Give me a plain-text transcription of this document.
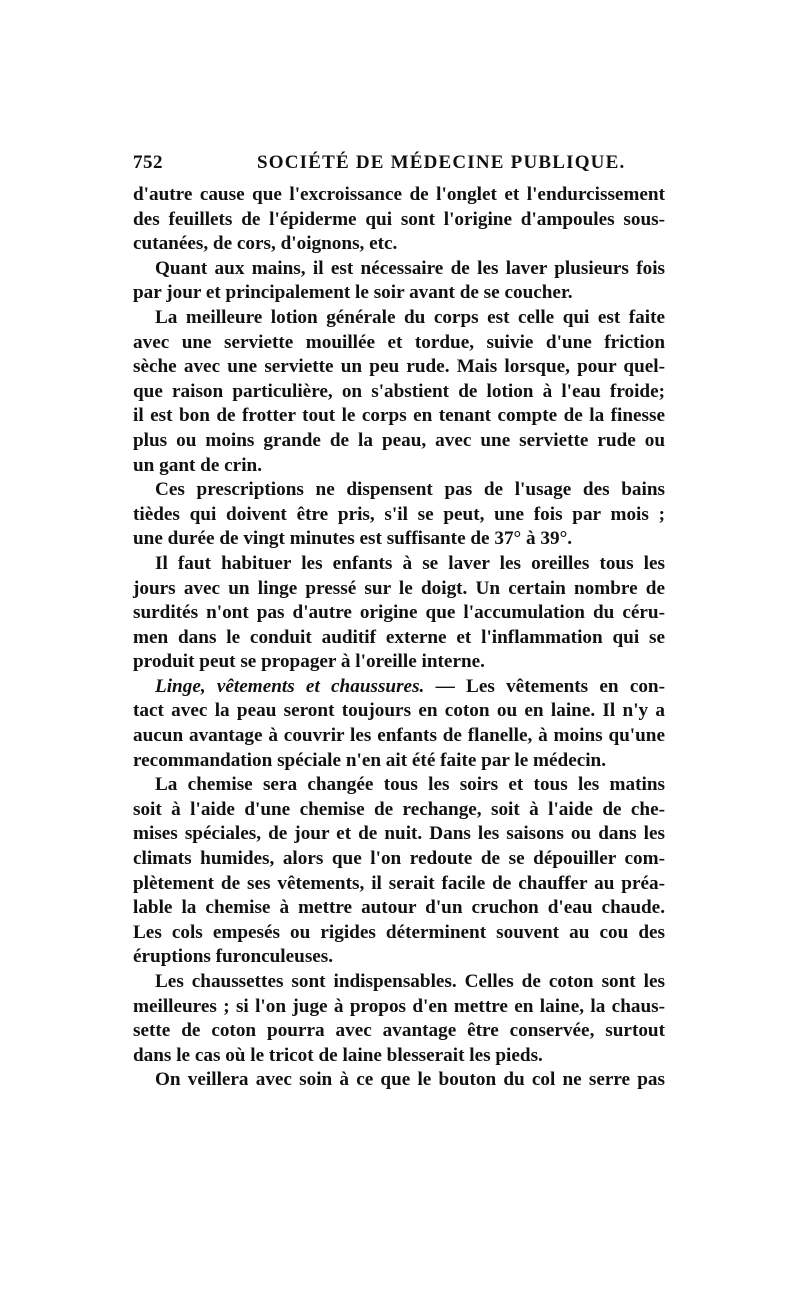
752	SOCIÉTÉ DE MÉDECINE PUBLIQUE.
d'autre cause que l'excroissance de l'onglet et l'endurcissement
des feuillets de l'épiderme qui sont l'origine d'ampoules sous-
cutanées, de cors, d'oignons, etc.
Quant aux mains, il est nécessaire de les laver plusieurs fois
par jour et principalement le soir avant de se coucher.
La meilleure lotion générale du corps est celle qui est faite
avec une serviette mouillée et tordue, suivie d'une friction
sèche avec une serviette un peu rude. Mais lorsque, pour quel-
que raison particulière, on s'abstient de lotion à l'eau froide;
il est bon de frotter tout le corps en tenant compte de la finesse
plus ou moins grande de la peau, avec une serviette rude ou
un gant de crin.
Ces prescriptions ne dispensent pas de l'usage des bains
tièdes qui doivent être pris, s'il se peut, une fois par mois ;
une durée de vingt minutes est suffisante de 37° à 39°.
Il faut habituer les enfants à se laver les oreilles tous les
jours avec un linge pressé sur le doigt. Un certain nombre de
surdités n'ont pas d'autre origine que l'accumulation du céru-
men dans le conduit auditif externe et l'inflammation qui se
produit peut se propager à l'oreille interne.
Linge, vêtements et chaussures. — Les vêtements en con-
tact avec la peau seront toujours en coton ou en laine. Il n'y a
aucun avantage à couvrir les enfants de flanelle, à moins qu'une
recommandation spéciale n'en ait été faite par le médecin.
La chemise sera changée tous les soirs et tous les matins
soit à l'aide d'une chemise de rechange, soit à l'aide de che-
mises spéciales, de jour et de nuit. Dans les saisons ou dans les
climats humides, alors que l'on redoute de se dépouiller com-
plètement de ses vêtements, il serait facile de chauffer au préa-
lable la chemise à mettre autour d'un cruchon d'eau chaude.
Les cols empesés ou rigides déterminent souvent au cou des
éruptions furonculeuses.
Les chaussettes sont indispensables. Celles de coton sont les
meilleures ; si l'on juge à propos d'en mettre en laine, la chaus-
sette de coton pourra avec avantage être conservée, surtout
dans le cas où le tricot de laine blesserait les pieds.
On veillera avec soin à ce que le bouton du col ne serre pas
